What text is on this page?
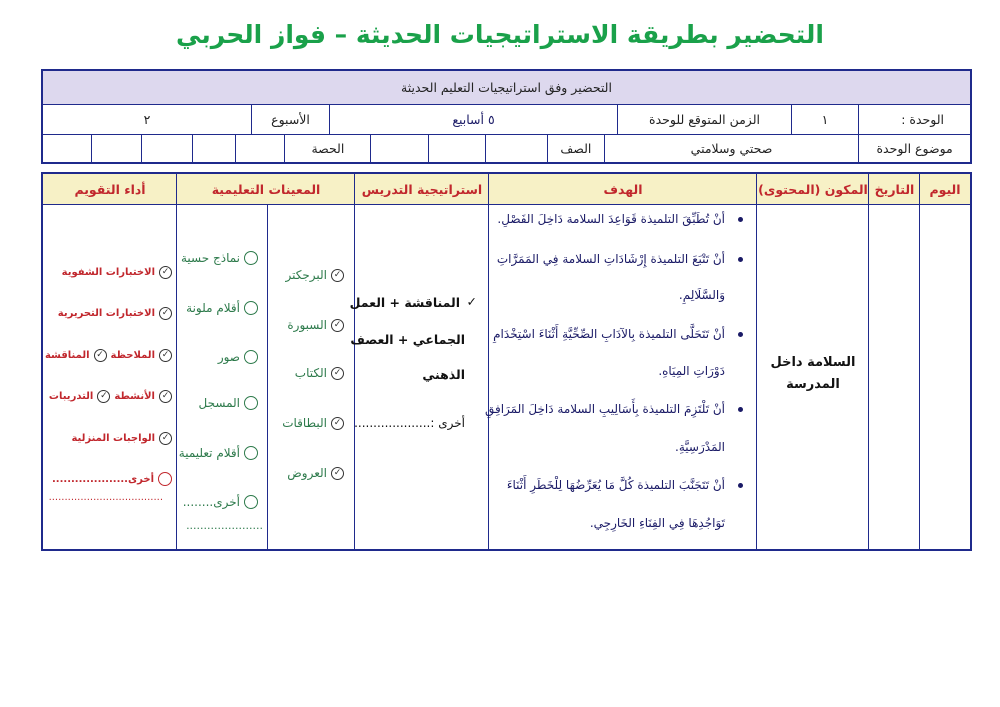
التحضير بطريقة الاستراتيجيات الحديثة – فواز الحربي
التحضير وفق استراتيجيات التعليم الحديثة
الوحدة :
١
الزمن المتوقع للوحدة
٥ أسابيع
الأسبوع
٢
موضوع الوحدة
صحتي وسلامتي
الصف
الحصة
اليوم
التاريخ
المكون (المحتوى)
الهدف
استراتيجية التدريس
المعينات التعليمية
أداء التقويم
السلامة داخل المدرسة
أنْ تُطَبِّقَ التلميذة قَوَاعِدَ السلامة دَاخِلَ الفَصْلِ.
أنْ تَتْبَعَ التلميذة إِرْشَادَاتِ السلامة فِي المَمَرَّاتِ
وَالسَّلَالِمِ.
أنْ تَتَحَلَّى التلميذة بِالآدَابِ الصِّحِّيَّةِ أَثْنَاءَ اسْتِخْدَامِ
دَوْرَاتِ المِيَاهِ.
أنْ تَلْتَزِمَ التلميذة بِأَسَالِيبِ السلامة دَاخِلَ المَرَافِقِ
المَدْرَسِيَّةِ.
أنْ تَتَجَنَّبَ التلميذة كُلَّ مَا يُعَرِّضُهَا لِلْخَطَرِ أَثْنَاءَ
تَوَاجُدِهَا فِي الفِنَاءِ الخَارِجِي.
✓
المناقشة + العمل
الجماعي + العصف
الذهني
أخرى :....................
✓
البرجكتر
✓
السبورة
✓
الكتاب
✓
البطاقات
✓
العروض
نماذج حسية
أقلام ملونة
صور
المسجل
أقلام تعليمية
أخرى........
......................
✓
الاختبارات الشفوية
✓
الاختبارات التحريرية
✓
الملاحظة
✓
المناقشة
✓
الأنشطة
✓
التدريبات
✓
الواجبات المنزلية
أخرى....................
....................................
